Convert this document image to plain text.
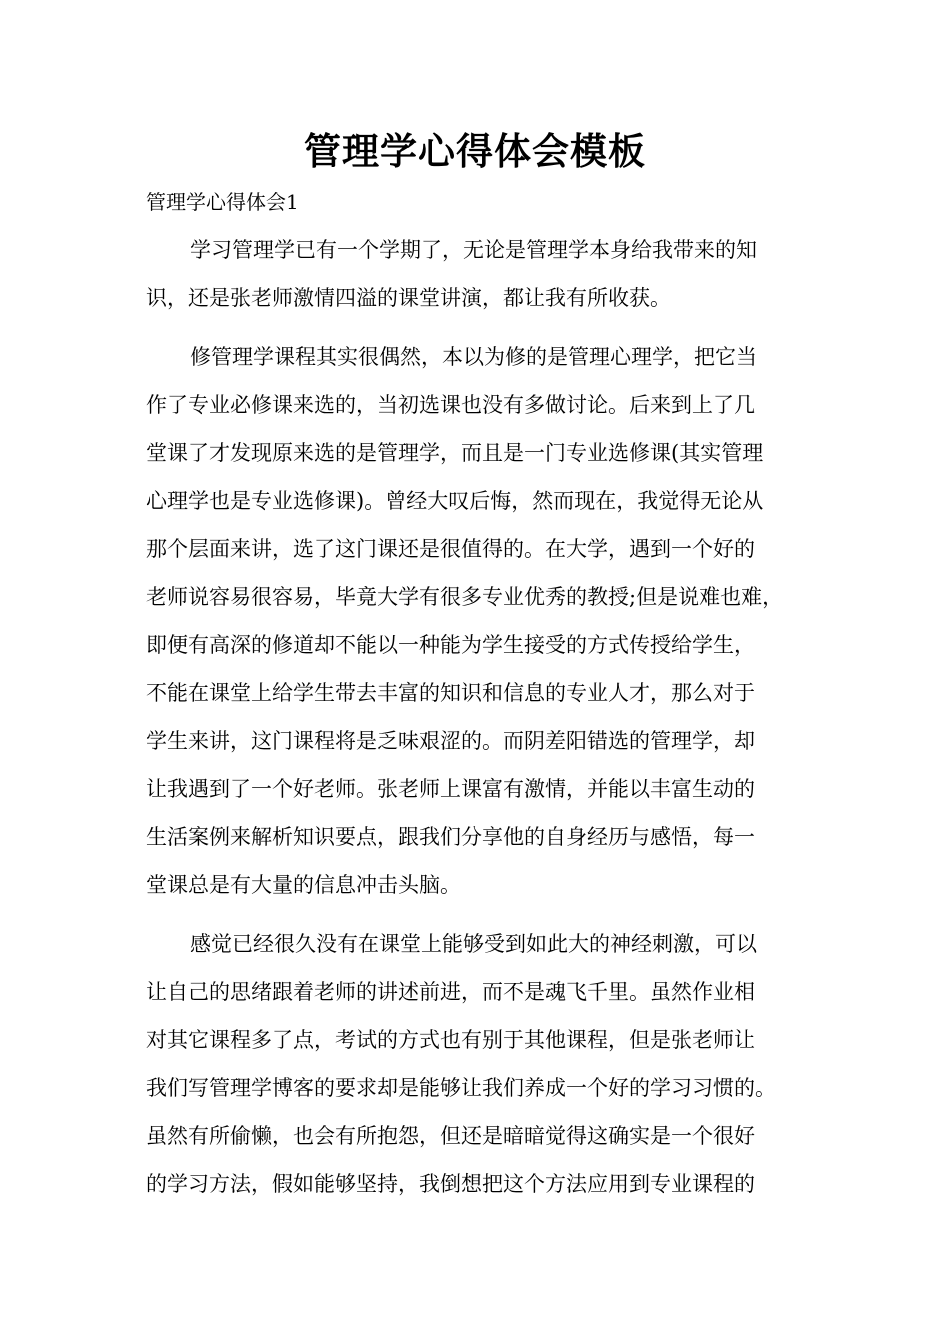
管理学心得体会模板

管理学心得体会1

学习管理学已有一个学期了，无论是管理学本身给我带来的知
识，还是张老师激情四溢的课堂讲演，都让我有所收获。
修管理学课程其实很偶然，本以为修的是管理心理学，把它当
作了专业必修课来选的，当初选课也没有多做讨论。后来到上了几
堂课了才发现原来选的是管理学，而且是一门专业选修课(其实管理
心理学也是专业选修课)。曾经大叹后悔，然而现在，我觉得无论从
那个层面来讲，选了这门课还是很值得的。在大学，遇到一个好的
老师说容易很容易，毕竟大学有很多专业优秀的教授;但是说难也难，
即便有高深的修道却不能以一种能为学生接受的方式传授给学生，
不能在课堂上给学生带去丰富的知识和信息的专业人才，那么对于
学生来讲，这门课程将是乏味艰涩的。而阴差阳错选的管理学，却
让我遇到了一个好老师。张老师上课富有激情，并能以丰富生动的
生活案例来解析知识要点，跟我们分享他的自身经历与感悟，每一
堂课总是有大量的信息冲击头脑。
感觉已经很久没有在课堂上能够受到如此大的神经刺激，可以
让自己的思绪跟着老师的讲述前进，而不是魂飞千里。虽然作业相
对其它课程多了点，考试的方式也有别于其他课程，但是张老师让
我们写管理学博客的要求却是能够让我们养成一个好的学习习惯的。
虽然有所偷懒，也会有所抱怨，但还是暗暗觉得这确实是一个很好
的学习方法，假如能够坚持，我倒想把这个方法应用到专业课程的
